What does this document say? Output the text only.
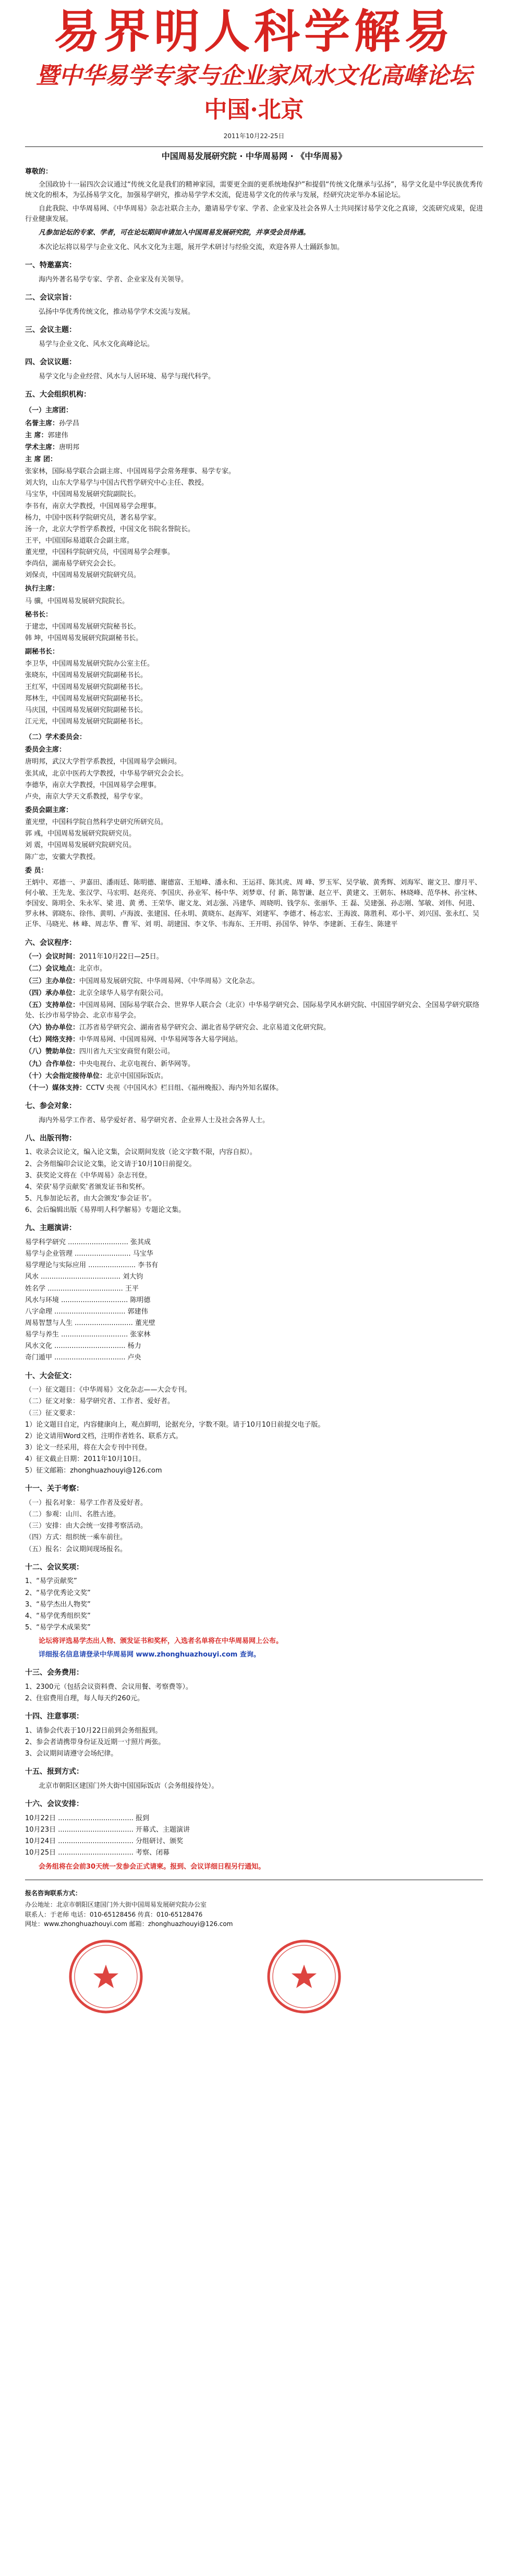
易界明人科学解易
暨中华易学专家与企业家风水文化高峰论坛
中国·北京
2011年10月22-25日
中国周易发展研究院 · 中华周易网 · 《中华周易》
尊敬的：

全国政协十一届四次会议通过“传统文化是我们的精神家园，需要更全面的更系统地保护”和提倡“传统文化继承与弘扬”，易学文化是中华民族优秀传统文化的根本，为弘扬易学文化，加强易学研究，推动易学学术交流，促进易学文化的传承与发展，经研究决定举办本届论坛。

自此我院、中华周易网、《中华周易》杂志社联合主办，邀请易学专家、学者、企业家及社会各界人士共同探讨易学文化之真谛，交流研究成果，促进行业健康发展。

凡参加论坛的专家、学者，可在论坛期间申请加入中国周易发展研究院，并享受会员待遇。

本次论坛将以易学与企业文化、风水文化为主题，展开学术研讨与经验交流，欢迎各界人士踊跃参加。

一、特邀嘉宾：

海内外著名易学专家、学者、企业家及有关领导。

二、会议宗旨：

弘扬中华优秀传统文化，推动易学学术交流与发展。

三、会议主题：

易学与企业文化、风水文化高峰论坛。

四、会议议题：

易学文化与企业经营、风水与人居环境、易学与现代科学。

五、大会组织机构：
（一）主席团：
名誉主席：孙学昌
主 席：郭建伟
学术主席：唐明邦
主 席 团：
张家林，国际易学联合会副主席、中国周易学会常务理事、易学专家。
刘大钧，山东大学易学与中国古代哲学研究中心主任、教授。
马宝华，中国周易发展研究院副院长。
李书有，南京大学教授，中国周易学会理事。
杨力，中国中医科学院研究员，著名易学家。
汤一介，北京大学哲学系教授，中国文化书院名誉院长。
王平，中国国际易道联合会副主席。
董光壁，中国科学院研究员，中国周易学会理事。
李尚信，湖南易学研究会会长。
刘保贞，中国周易发展研究院研究员。
执行主席：
马 骥，中国周易发展研究院院长。
秘书长：
于建忠，中国周易发展研究院秘书长。
韩 坤，中国周易发展研究院副秘书长。
副秘书长：
李卫华，中国周易发展研究院办公室主任。
张晓东，中国周易发展研究院副秘书长。
王红军，中国周易发展研究院副秘书长。
郑林生，中国周易发展研究院副秘书长。
马庆国，中国周易发展研究院副秘书长。
江元光，中国周易发展研究院副秘书长。
（二）学术委员会：
委员会主席：
唐明邦，武汉大学哲学系教授，中国周易学会顾问。
张其成，北京中医药大学教授，中华易学研究会会长。
李德华，南京大学教授，中国周易学会理事。
卢央，南京大学天文系教授，易学专家。
委员会副主席：
董光壁，中国科学院自然科学史研究所研究员。
郭 彧，中国周易发展研究院研究员。
刘 震，中国周易发展研究院研究员。
陈广忠，安徽大学教授。
委 员：
王炳中、邓德一、尹嘉田、潘雨廷、陈明德、谢德富、王旭峰、潘永和、王运祥、陈其虎、周 峰、罗玉军、吴学敏、黄秀辉、刘海军、谢文卫、廖月平、何小敏、王先龙、张汉学、马宏明、赵亮亮、李国庆、孙业军、杨中华、刘梦章、付 新、陈智谦、赵立平、黄建文、王朝东、林晓峰、范华林、孙宝林、李国安、陈明全、朱永军、梁 进、黄 勇、王荣华、谢文龙、刘志强、冯建华、周晓明、钱学东、张丽华、王 磊、吴建强、孙志刚、邹敏、刘伟、何进、罗永林、郭晓东、徐伟、黄明、卢海波、张建国、任永明、黄晓东、赵海军、刘建军、李德才、杨志宏、王海波、陈胜利、邓小平、刘兴国、张永红、吴正华、马晓光、林 峰、周志华、曹 军、刘 明、胡建国、李文华、韦海东、王开明、孙国华、钟华、李建新、王春生、陈建平
六、会议程序：
（一）会议时间：2011年10月22日—25日。
（二）会议地点：北京市。
（三）主办单位：中国周易发展研究院、中华周易网、《中华周易》文化杂志。
（四）承办单位：北京全球华人易学有限公司。
（五）支持单位：中国周易网、国际易学联合会、世界华人联合会（北京）中华易学研究会、国际易学风水研究院、中国国学研究会、全国易学研究联络处、长沙市易学协会、北京市易学会。
（六）协办单位：江苏省易学研究会、湖南省易学研究会、湖北省易学研究会、北京易道文化研究院。
（七）网络支持：中华周易网、中国周易网、中华易网等各大易学网站。
（八）赞助单位：四川省九天宝安商贸有限公司。
（九）合作单位：中央电视台、北京电视台、新华网等。
（十）大会指定接待单位：北京中国国际饭店。
（十一）媒体支持：CCTV 央视《中国风水》栏目组、《福州晚报》、海内外知名媒体。
七、参会对象：

海内外易学工作者、易学爱好者、易学研究者、企业界人士及社会各界人士。

八、出版刊物：
1、收录会议论文，编入论文集，会议期间发放（论文字数不限，内容自拟）。
2、会务组编印会议论文集，论文请于10月10日前提交。
3、获奖论文将在《中华周易》杂志刊登。
4、荣获‘易学贡献奖’者颁发证书和奖杯。
5、凡参加论坛者，由大会颁发‘参会证书’。
6、会后编辑出版《易界明人科学解易》专题论文集。
九、主题演讲：
易学科学研究 ............................ 张其成
易学与企业管理 .......................... 马宝华
易学理论与实际应用 ...................... 李书有
风水 ..................................... 刘大钧
姓名学 ................................... 王平
风水与环境 ............................... 陈明德
八字命理 ................................. 郭建伟
周易智慧与人生 ........................... 董光壁
易学与养生 ............................... 张家林
风水文化 ................................. 杨力
奇门遁甲 ................................. 卢央
十、大会征文：
（一）征文题目：《中华周易》文化杂志——大会专刊。
（二）征文对象：易学研究者、工作者、爱好者。
（三）征文要求：
1）论文题目自定，内容健康向上，观点鲜明，论据充分，字数不限。请于10月10日前提交电子版。
2）论文请用Word文档，注明作者姓名、联系方式。
3）论文一经采用，将在大会专刊中刊登。
4）征文截止日期：2011年10月10日。
5）征文邮箱：zhonghuazhouyi@126.com
十一、关于考察：
（一）报名对象：易学工作者及爱好者。
（二）参观：山川、名胜古迹。
（三）安排：由大会统一安排考察活动。
（四）方式：组织统一乘车前往。
（五）报名：会议期间现场报名。
十二、会议奖项：
1、“易学贡献奖”
2、“易学优秀论文奖”
3、“易学杰出人物奖”
4、“易学优秀组织奖”
5、“易学学术成果奖”

论坛将评选易学杰出人物、颁发证书和奖杯，入选者名单将在中华周易网上公布。

详细报名信息请登录中华周易网 www.zhonghuazhouyi.com 查询。

十三、会务费用：
1、2300元（包括会议资料费、会议用餐、考察费等）。
2、住宿费用自理，每人每天约260元。
十四、注意事项：
1、请参会代表于10月22日前到会务组报到。
2、参会者请携带身份证及近期一寸照片两张。
3、会议期间请遵守会场纪律。
十五、报到方式：

北京市朝阳区建国门外大街中国国际饭店（会务组接待处）。

十六、会议安排：
10月22日 ................................... 报到
10月23日 ................................... 开幕式、主题演讲
10月24日 ................................... 分组研讨、颁奖
10月25日 ................................... 考察、闭幕

会务组将在会前30天统一发参会正式请柬。报到、会议详细日程另行通知。

报名咨询联系方式：
办公地址：北京市朝阳区建国门外大街中国周易发展研究院办公室
联系人：于老师 电话：010-65128456 传真：010-65128476
网址：www.zhonghuazhouyi.com 邮箱：zhonghuazhouyi@126.com
